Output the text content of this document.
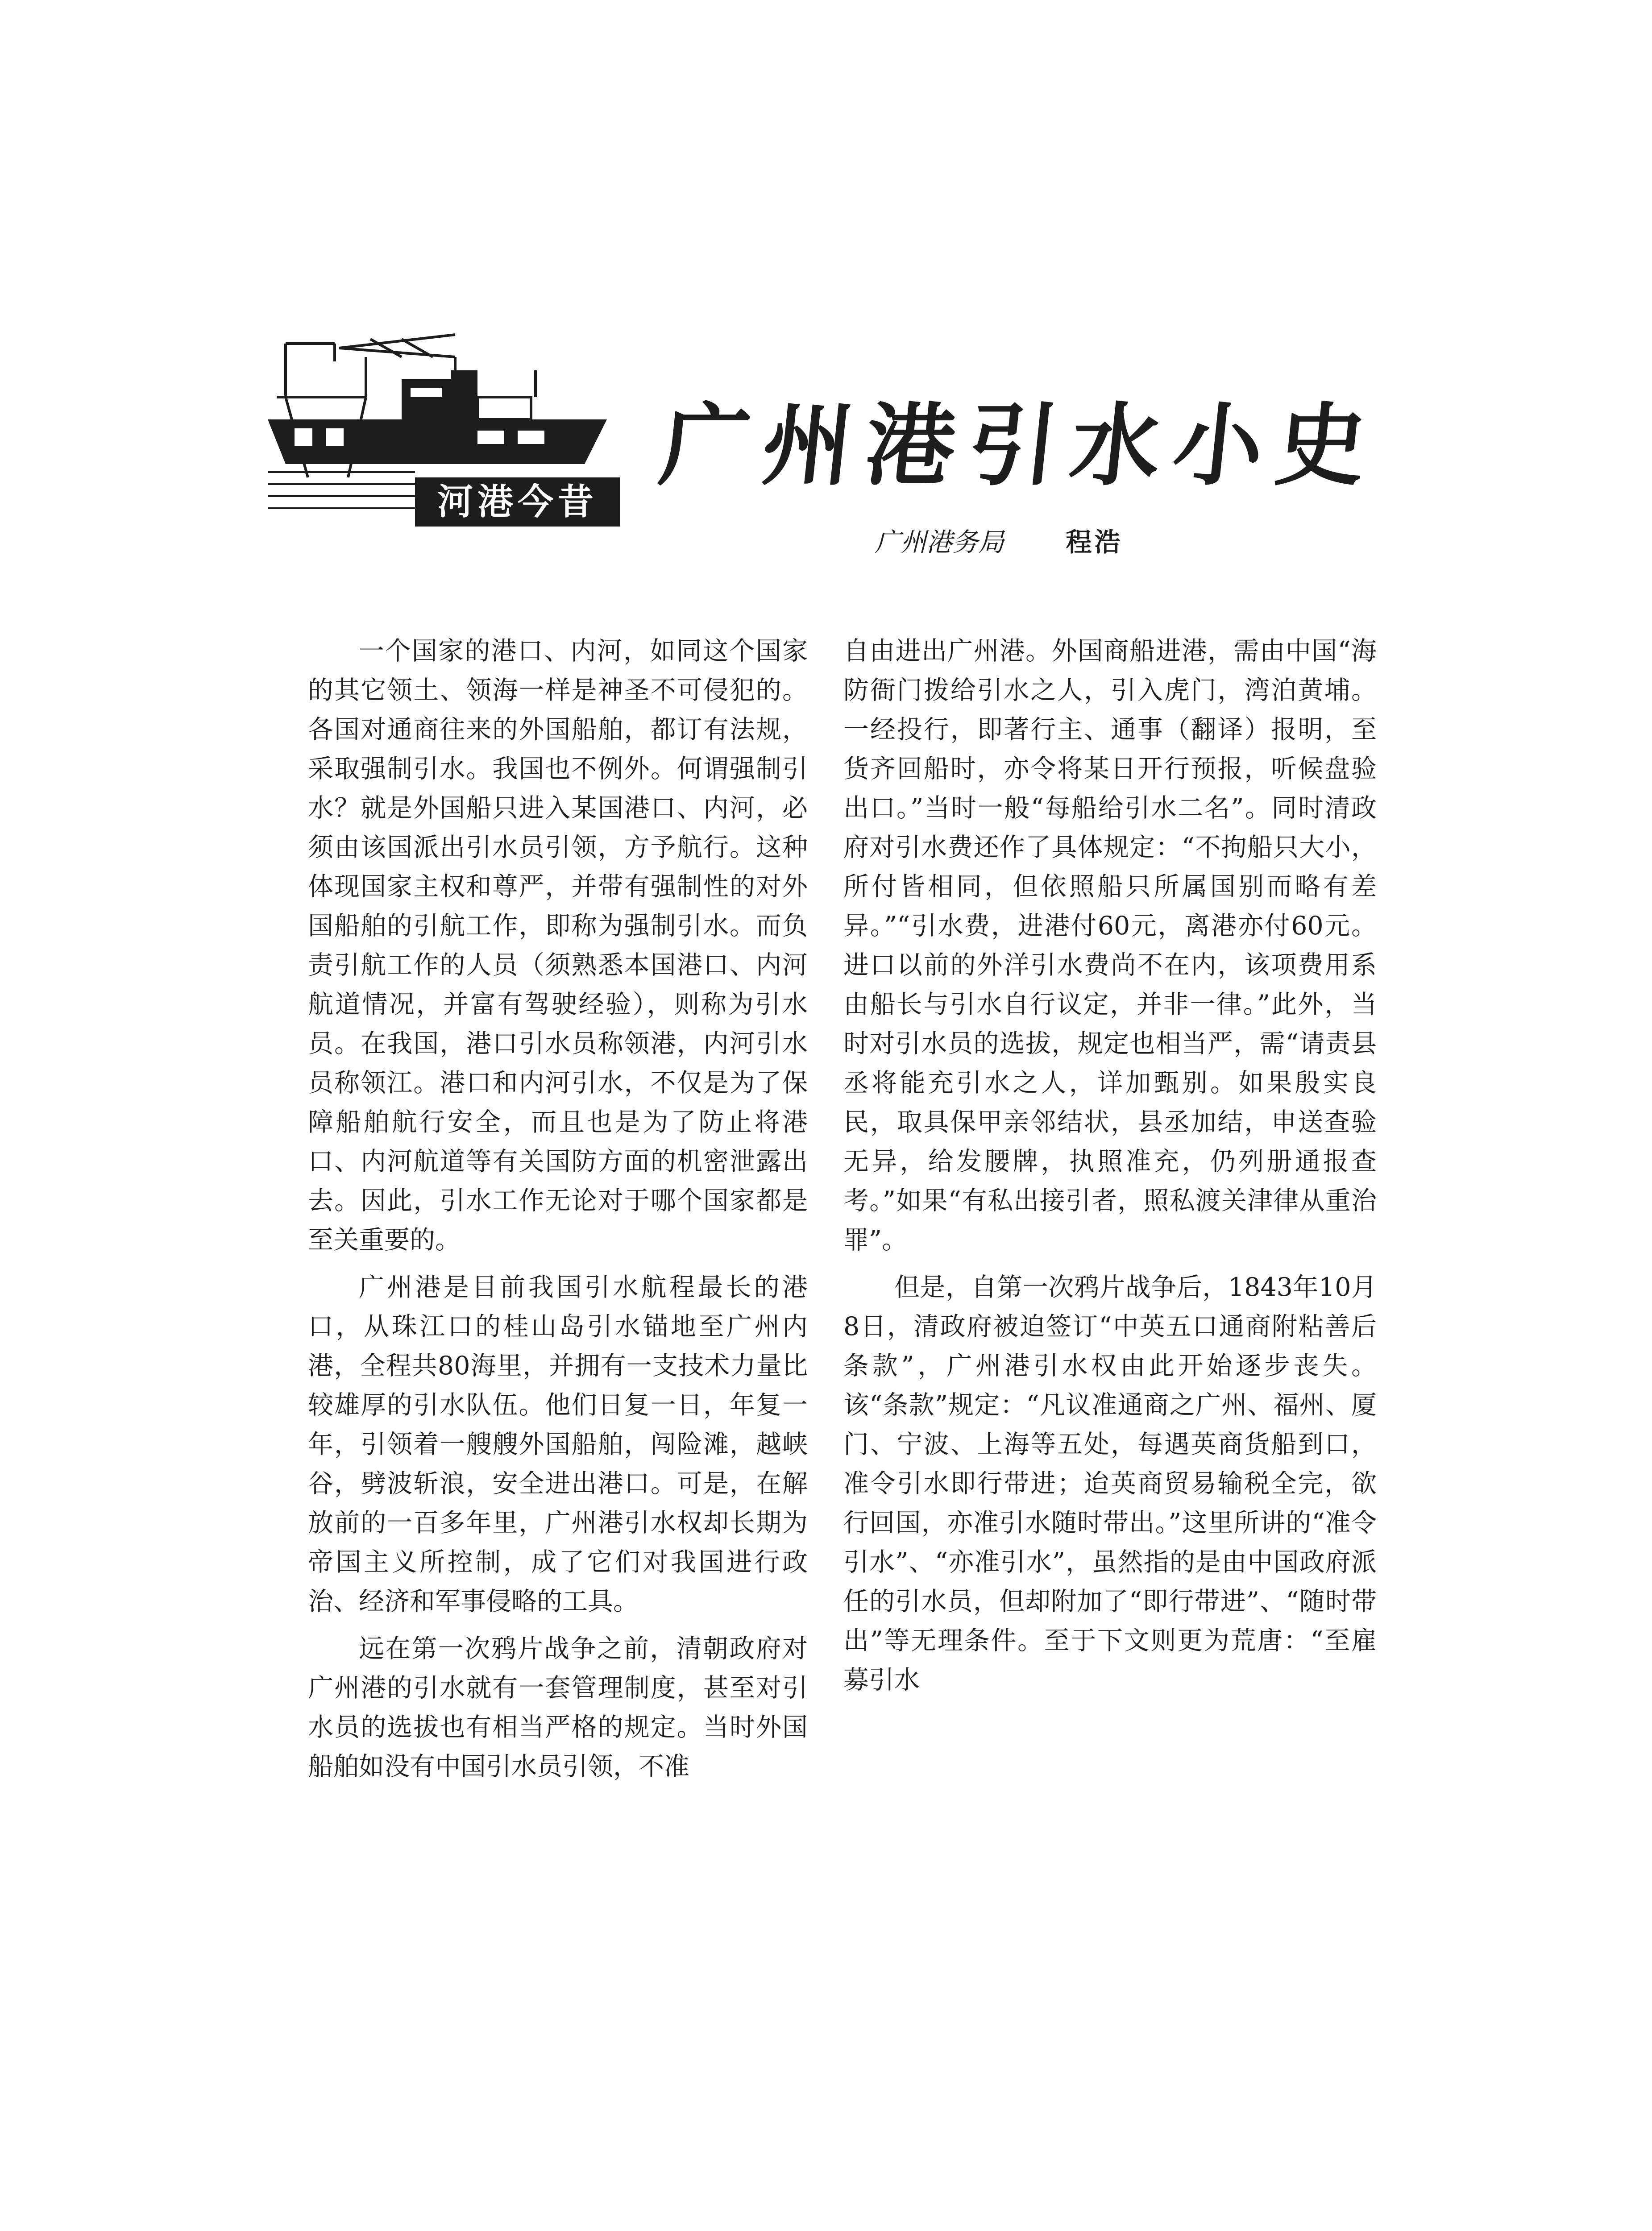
河港今昔
广州港引水小史
广州港务局 程浩

一个国家的港口、内河，如同这个国家的其它领土、领海一样是神圣不可侵犯的。各国对通商往来的外国船舶，都订有法规，采取强制引水。我国也不例外。何谓强制引水？就是外国船只进入某国港口、内河，必须由该国派出引水员引领，方予航行。这种体现国家主权和尊严，并带有强制性的对外国船舶的引航工作，即称为强制引水。而负责引航工作的人员（须熟悉本国港口、内河航道情况，并富有驾驶经验），则称为引水员。在我国，港口引水员称领港，内河引水员称领江。港口和内河引水，不仅是为了保障船舶航行安全，而且也是为了防止将港口、内河航道等有关国防方面的机密泄露出去。因此，引水工作无论对于哪个国家都是至关重要的。

广州港是目前我国引水航程最长的港口，从珠江口的桂山岛引水锚地至广州内港，全程共80海里，并拥有一支技术力量比较雄厚的引水队伍。他们日复一日，年复一年，引领着一艘艘外国船舶，闯险滩，越峡谷，劈波斩浪，安全进出港口。可是，在解放前的一百多年里，广州港引水权却长期为帝国主义所控制，成了它们对我国进行政治、经济和军事侵略的工具。

远在第一次鸦片战争之前，清朝政府对广州港的引水就有一套管理制度，甚至对引水员的选拔也有相当严格的规定。当时外国船舶如没有中国引水员引领，不准

自由进出广州港。外国商船进港，需由中国“海防衙门拨给引水之人，引入虎门，湾泊黄埔。一经投行，即著行主、通事（翻译）报明，至货齐回船时，亦令将某日开行预报，听候盘验出口。”当时一般“每船给引水二名”。同时清政府对引水费还作了具体规定：“不拘船只大小，所付皆相同，但依照船只所属国别而略有差异。”“引水费，进港付60元，离港亦付60元。进口以前的外洋引水费尚不在内，该项费用系由船长与引水自行议定，并非一律。”此外，当时对引水员的选拔，规定也相当严，需“请责县丞将能充引水之人，详加甄别。如果殷实良民，取具保甲亲邻结状，县丞加结，申送查验无异，给发腰牌，执照准充，仍列册通报查考。”如果“有私出接引者，照私渡关津律从重治罪”。

但是，自第一次鸦片战争后，1843年10月8日，清政府被迫签订“中英五口通商附粘善后条款”，广州港引水权由此开始逐步丧失。该“条款”规定：“凡议准通商之广州、福州、厦门、宁波、上海等五处，每遇英商货船到口，准令引水即行带进；迨英商贸易输税全完，欲行回国，亦准引水随时带出。”这里所讲的“准令引水”、“亦准引水”，虽然指的是由中国政府派任的引水员，但却附加了“即行带进”、“随时带出”等无理条件。至于下文则更为荒唐：“至雇募引水
